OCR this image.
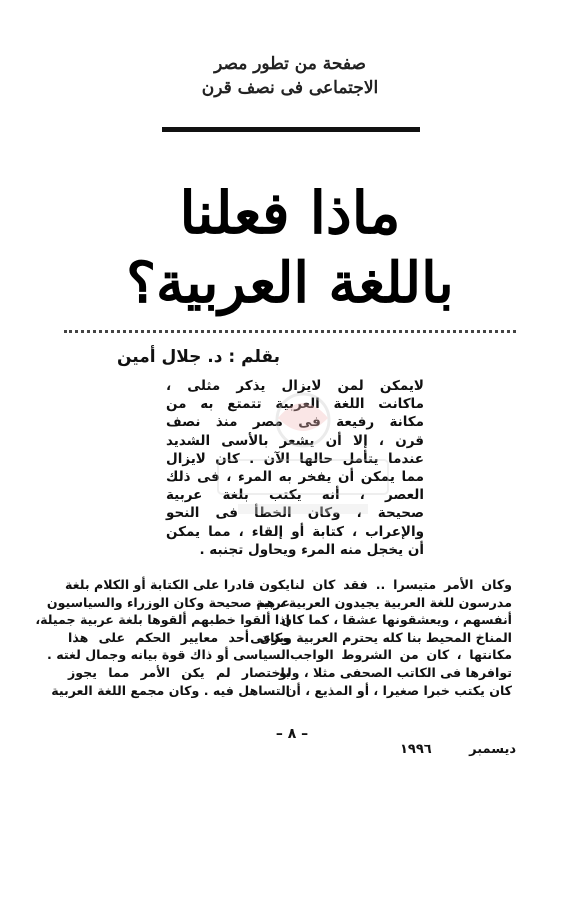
صفحة من تطور مصر
الاجتماعى فى نصف قرن
ماذا فعلنا
باللغة العربية؟
بقلم : د. جلال أمين
لايمكن لمن لايزال يذكر مثلى ،
ماكانت اللغة العربية تتمتع به من
مكانة رفيعة فى مصر منذ نصف
قرن ، إلا أن يشعر بالأسى الشديد
عندما يتأمل حالها الآن . كان لايزال
مما يمكن أن يفخر به المرء ، فى ذلك
العصر ، أنه يكتب بلغة عربية
صحيحة ، وكان الخطأ فى النحو
والإعراب ، كتابة أو إلقاء ، مما يمكن
أن يخجل منه المرء ويحاول تجنبه .
وكان الأمر متيسرا .. فقد كان لنا
مدرسون للغة العربية يجيدون العربية ، هم
أنفسهم ، ويعشقونها عشقا ، كما كان
المناخ المحيط بنا كله يحترم العربية ويرعى
مكانتها ، كان من الشروط الواجب
توافرها فى الكاتب الصحفى مثلا ، ولو
كان يكتب خبرا صغيرا ، أو المذيع ، أن
يكون قادرا على الكتابة أو الكلام بلغة
عربية صحيحة وكان الوزراء والسياسيون
إذا ألقوا خطبهم ألقوها بلغة عربية جميلة،
وكان أحد معايير الحكم على هذا
السياسى أو ذاك قوة بيانه وجمال لغته .
باختصار لم يكن الأمر مما يجوز
التساهل فيه . وكان مجمع اللغة العربية
– ٨ –
ديسمبر
١٩٩٦
